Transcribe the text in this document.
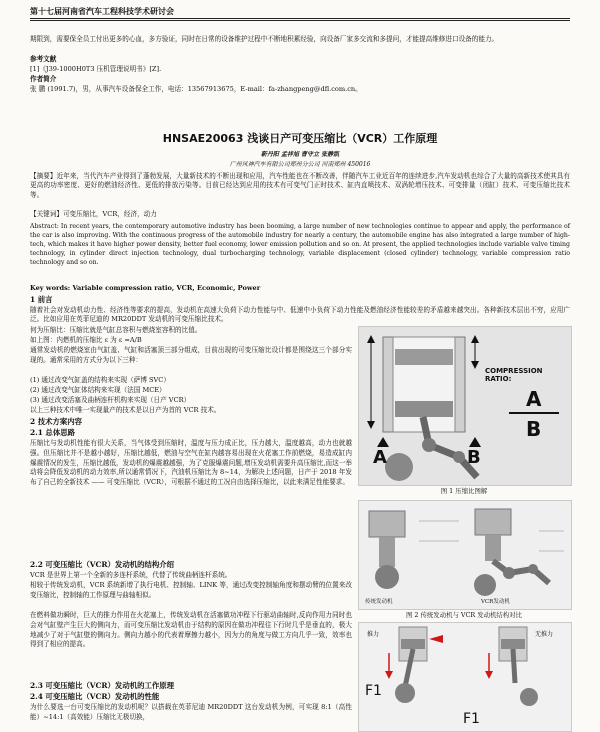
第十七届河南省汽车工程科技学术研讨会
期限到，需要保全员工付出更多的心血，多方验证，同时在日常的设备维护过程中不断地积累经验，向设备厂家多交流和多提问，才能提高维修进口设备的能力。
参考文献
[1]《J39-1000H0T3 压机管理说明书》[Z].
作者简介
张 鹏 (1991.7)，男，从事汽车设备保全工作，电话：13567913675，E-mail：fa-zhangpeng@dfl.com.cn。
HNSAE20063 浅谈日产可变压缩比（VCR）工作原理
靳丹阳 孟祥旭 曹守立 张静凯
广州风神汽车有限公司郑州分公司 河南郑州 450016
【摘要】近年来，当代汽车产业得到了蓬勃发展，大量新技术的不断出现和应用，汽车性能也在不断改善，伴随汽车工业近百年的连续进步,汽车发动机也综合了大量的高新技术使其具有更高的功率密度、更好的燃油经济性、更低的排放污染等。目前已经达到应用的技术有可变气门正时技术、缸内直喷技术、双涡轮增压技术、可变排量（闭缸）技术、可变压缩比技术等。
【关键词】可变压缩比，VCR，经济，动力
Abstract: In recent years, the contemporary automotive industry has been booming, a large number of new technologies continue to appear and apply, the performance of the car is also improving. With the continuous progress of the automobile industry for nearly a century, the automobile engine has also integrated a large number of high-tech, which makes it have higher power density, better fuel economy, lower emission pollution and so on. At present, the applied technologies include variable valve timing technology, in cylinder direct injection technology, dual turbocharging technology, variable displacement (closed cylinder) technology, variable compression ratio technology and so on.
Key words: Variable compression ratio, VCR, Economic, Power
1 前言
随着社会对发动机动力性、经济性等要求的提高，发动机在高速大负荷下动力性能与中、低速中小负荷下动力性能及燃油经济性能较差的矛盾越来越突出。各种新技术层出不穷，应用广泛。比如应用在英菲尼迪的 MR20DDT 发动机的可变压缩比技术。
何为压缩比：压缩比就是气缸总容积与燃烧室容积的比值。
如上图：内燃机的压缩比 ε 为 ε =A/B
通常发动机的燃烧室由气缸盖、气缸和活塞顶三部分组成，目前出现的可变压缩比设计都是围绕这三个部分实现的。通常采用的方式分为以下三种：
(1) 通过改变气缸盖的结构来实现（萨博 SVC）
(2) 通过改变气缸体结构来实现（法国 MCE）
(3) 通过改变活塞及曲柄连杆机构来实现（日产 VCR）
以上三种技术中唯一实现量产的技术是以日产为首的 VCR 技术。
2 技术方案内容
2.1 总体思路
压缩比与发动机性能有很大关系，当气体受到压缩时，温度与压力成正比，压力越大，温度越高，动力也就越强。但压缩比并不是越小越好，压缩比越低，燃油与空气在缸内越容易出现在火花塞工作前燃烧，易造成缸内爆震情况的发生，压缩比越低，发动机的爆震越越强，为了克服爆震问题,增压发动机需要升高压缩比,而这一举动将会降低发动机的动力效率,所以通常情况下，汽油机压缩比为 8~14，为解决上述问题，日产于 2018 年发布了自己的全新技术 —— 可变压缩比（VCR），可根据不通过的工况自由选择压缩比，以此来满足性能要求。
2.2 可变压缩比（VCR）发动机的结构介绍
VCR 是世界上第一个全新的多连杆系统，代替了传统曲柄连杆系统。
相较于传统发动机，VCR 系统新增了执行电机、控制轴、LINK 等，通过改变控制轴角度和摆动臂的位置来改变压缩比，控制轴的工作原理与曲轴相似。
在燃料做功瞬时，巨大的推力作用在火花塞上，传统发动机在活塞做功冲程下行驱动曲轴时,反向作用力同时也会对气缸壁产生巨大的侧向力，而可变压缩比发动机由于结构的原因在做功冲程往下行时几乎是垂直的，极大地减少了对于气缸壁的侧向力。侧向力越小的代表着摩擦力越小，因为力的角度与做工方向几乎一致，效率也得到了相应的提高。
2.3 可变压缩比（VCR）发动机的工作原理
2.4 可变压缩比（VCR）发动机的性能
为什么要选一台可变压缩比的发动机呢？以搭载在英菲尼迪 MR20DDT 这台发动机为例，可实现 8:1（高性能）~14:1（高效能）压缩比无极切换，
COMPRESSION RATIO:
A	B
A
B
图 1 压缩比图解
传统发动机	VCR发动机
图 2 传统发动机与 VCR 发动机结构对比
推力	无推力
F1
F1
